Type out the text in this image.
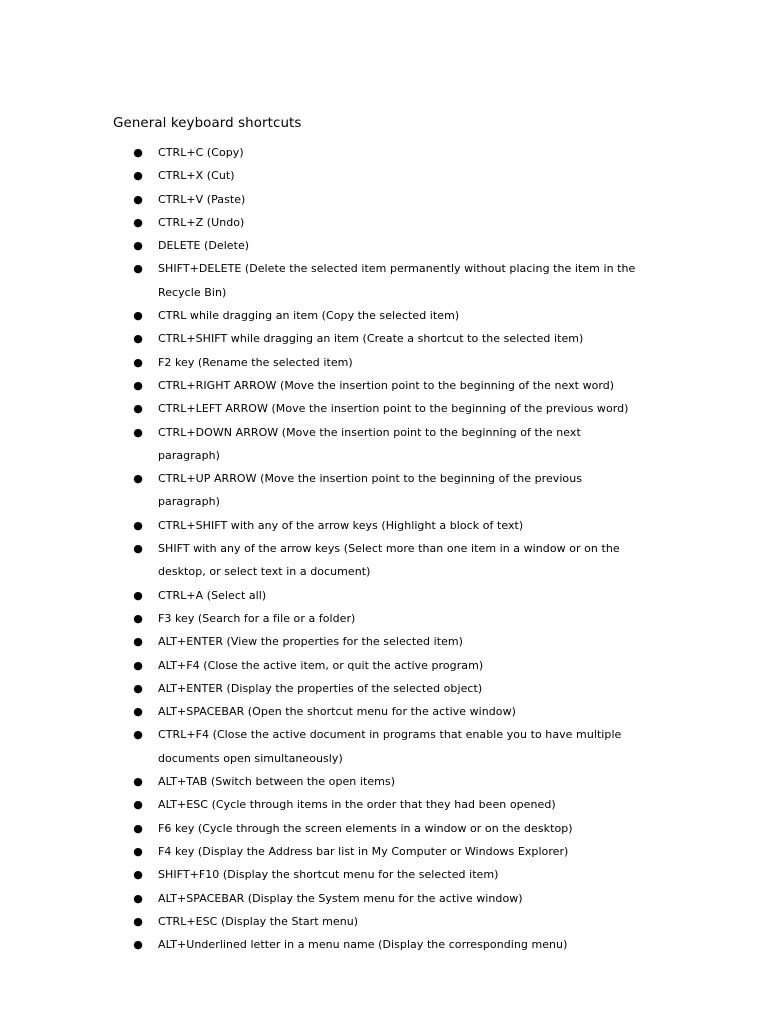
General keyboard shortcuts
● CTRL+C (Copy)
● CTRL+X (Cut)
● CTRL+V (Paste)
● CTRL+Z (Undo)
● DELETE (Delete)
● SHIFT+DELETE (Delete the selected item permanently without placing the item in the Recycle Bin)
● CTRL while dragging an item (Copy the selected item)
● CTRL+SHIFT while dragging an item (Create a shortcut to the selected item)
● F2 key (Rename the selected item)
● CTRL+RIGHT ARROW (Move the insertion point to the beginning of the next word)
● CTRL+LEFT ARROW (Move the insertion point to the beginning of the previous word)
● CTRL+DOWN ARROW (Move the insertion point to the beginning of the next paragraph)
● CTRL+UP ARROW (Move the insertion point to the beginning of the previous paragraph)
● CTRL+SHIFT with any of the arrow keys (Highlight a block of text)
● SHIFT with any of the arrow keys (Select more than one item in a window or on the desktop, or select text in a document)
● CTRL+A (Select all)
● F3 key (Search for a file or a folder)
● ALT+ENTER (View the properties for the selected item)
● ALT+F4 (Close the active item, or quit the active program)
● ALT+ENTER (Display the properties of the selected object)
● ALT+SPACEBAR (Open the shortcut menu for the active window)
● CTRL+F4 (Close the active document in programs that enable you to have multiple documents open simultaneously)
● ALT+TAB (Switch between the open items)
● ALT+ESC (Cycle through items in the order that they had been opened)
● F6 key (Cycle through the screen elements in a window or on the desktop)
● F4 key (Display the Address bar list in My Computer or Windows Explorer)
● SHIFT+F10 (Display the shortcut menu for the selected item)
● ALT+SPACEBAR (Display the System menu for the active window)
● CTRL+ESC (Display the Start menu)
● ALT+Underlined letter in a menu name (Display the corresponding menu)
